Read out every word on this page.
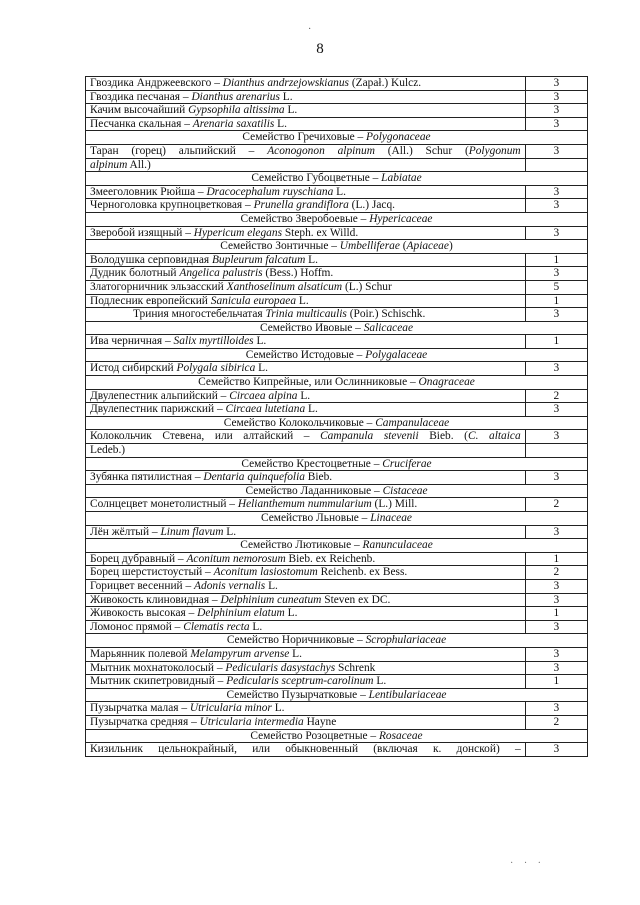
·
8
Гвоздика Андржеевского – Dianthus andrzejowskianus (Zapał.) Kulcz.	3
Гвоздика песчаная – Dianthus arenarius L.	3
Качим высочайший Gypsophila altissima L.	3
Песчанка скальная – Arenaria saxatilis L.	3
Семейство Гречиховые – Polygonaceae	
Таран (горец) альпийский – Aconogonon alpinum (All.) Schur (Polygonum	3
alpinum All.)	
Семейство Губоцветные – Labiatae	
Змееголовник Рюйша – Dracocephalum ruyschiana L.	3
Черноголовка крупноцветковая – Prunella grandiflora (L.) Jacq.	3
Семейство Зверобоевые – Hypericaceae	
Зверобой изящный – Hypericum elegans Steph. ex Willd.	3
Семейство Зонтичные – Umbelliferae (Apiaceae)	
Володушка серповидная Bupleurum falcatum L.	1
Дудник болотный Angelica palustris (Bess.) Hoffm.	3
Златогорничник эльзасский Xanthoselinum alsaticum (L.) Schur	5
Подлесник европейский Sanicula europaea L.	1
Триния многостебельчатая Trinia multicaulis (Poir.) Schischk.	3
Семейство Ивовые – Salicaceae	
Ива черничная – Salix myrtilloides L.	1
Семейство Истодовые – Polygalaceae	
Истод сибирский Polygala sibirica L.	3
Семейство Кипрейные, или Ослинниковые – Onagraceae	
Двулепестник альпийский – Circaea alpina L.	2
Двулепестник парижский – Circaea lutetiana L.	3
Семейство Колокольчиковые – Campanulaceae	
Колокольчик Стевена, или алтайский – Campanula stevenii Bieb. (C. altaica	3
Ledeb.)	
Семейство Крестоцветные – Cruciferae	
Зубянка пятилистная – Dentaria quinquefolia Bieb.	3
Семейство Ладанниковые – Cistaceae	
Солнцецвет монетолистный – Helianthemum nummularium (L.) Mill.	2
Семейство Льновые – Linaceae	
Лён жёлтый – Linum flavum L.	3
Семейство Лютиковые – Ranunculaceae	
Борец дубравный – Aconitum nemorosum Bieb. ex Reichenb.	1
Борец шерстистоустый – Aconitum lasiostomum Reichenb. ex Bess.	2
Горицвет весенний – Adonis vernalis L.	3
Живокость клиновидная – Delphinium cuneatum Steven ex DC.	3
Живокость высокая – Delphinium elatum L.	1
Ломонос прямой – Clematis recta L.	3
Семейство Норичниковые – Scrophulariaceae	
Марьянник полевой Melampyrum arvense L.	3
Мытник мохнатоколосый – Pedicularis dasystachys Schrenk	3
Мытник скипетровидный – Pedicularis sceptrum-carolinum L.	1
Семейство Пузырчатковые – Lentibulariaceae	
Пузырчатка малая – Utricularia minor L.	3
Пузырчатка средняя – Utricularia intermedia Hayne	2
Семейство Розоцветные – Rosaceae	
Кизильник цельнокрайный, или обыкновенный (включая к. донской) –	3
· · ·
